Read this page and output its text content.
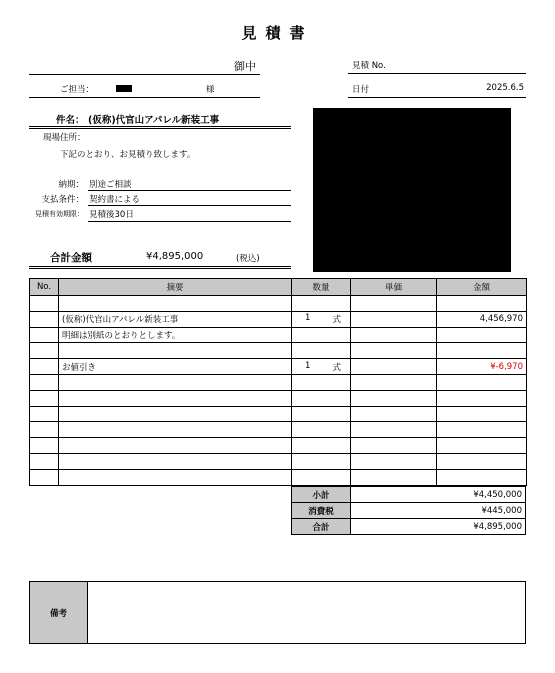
見積書
御中
ご担当：	様
見積 No.
日付	2025.6.5
件名： (仮称)代官山アパレル新装工事
現場住所：
下記のとおり、お見積り致します。
納期： 別途ご相談
支払条件： 契約書による
見積有効期限： 見積後30日
合計金額	¥4,895,000	(税込)
No.	摘要	数量	単価	金額

	(仮称)代官山アパレル新装工事	1 式		4,456,970
	明細は別紙のとおりとします。	

	お値引き	1 式		¥-6,970

小計	¥4,450,000
消費税	¥445,000
合計	¥4,895,000
備考
